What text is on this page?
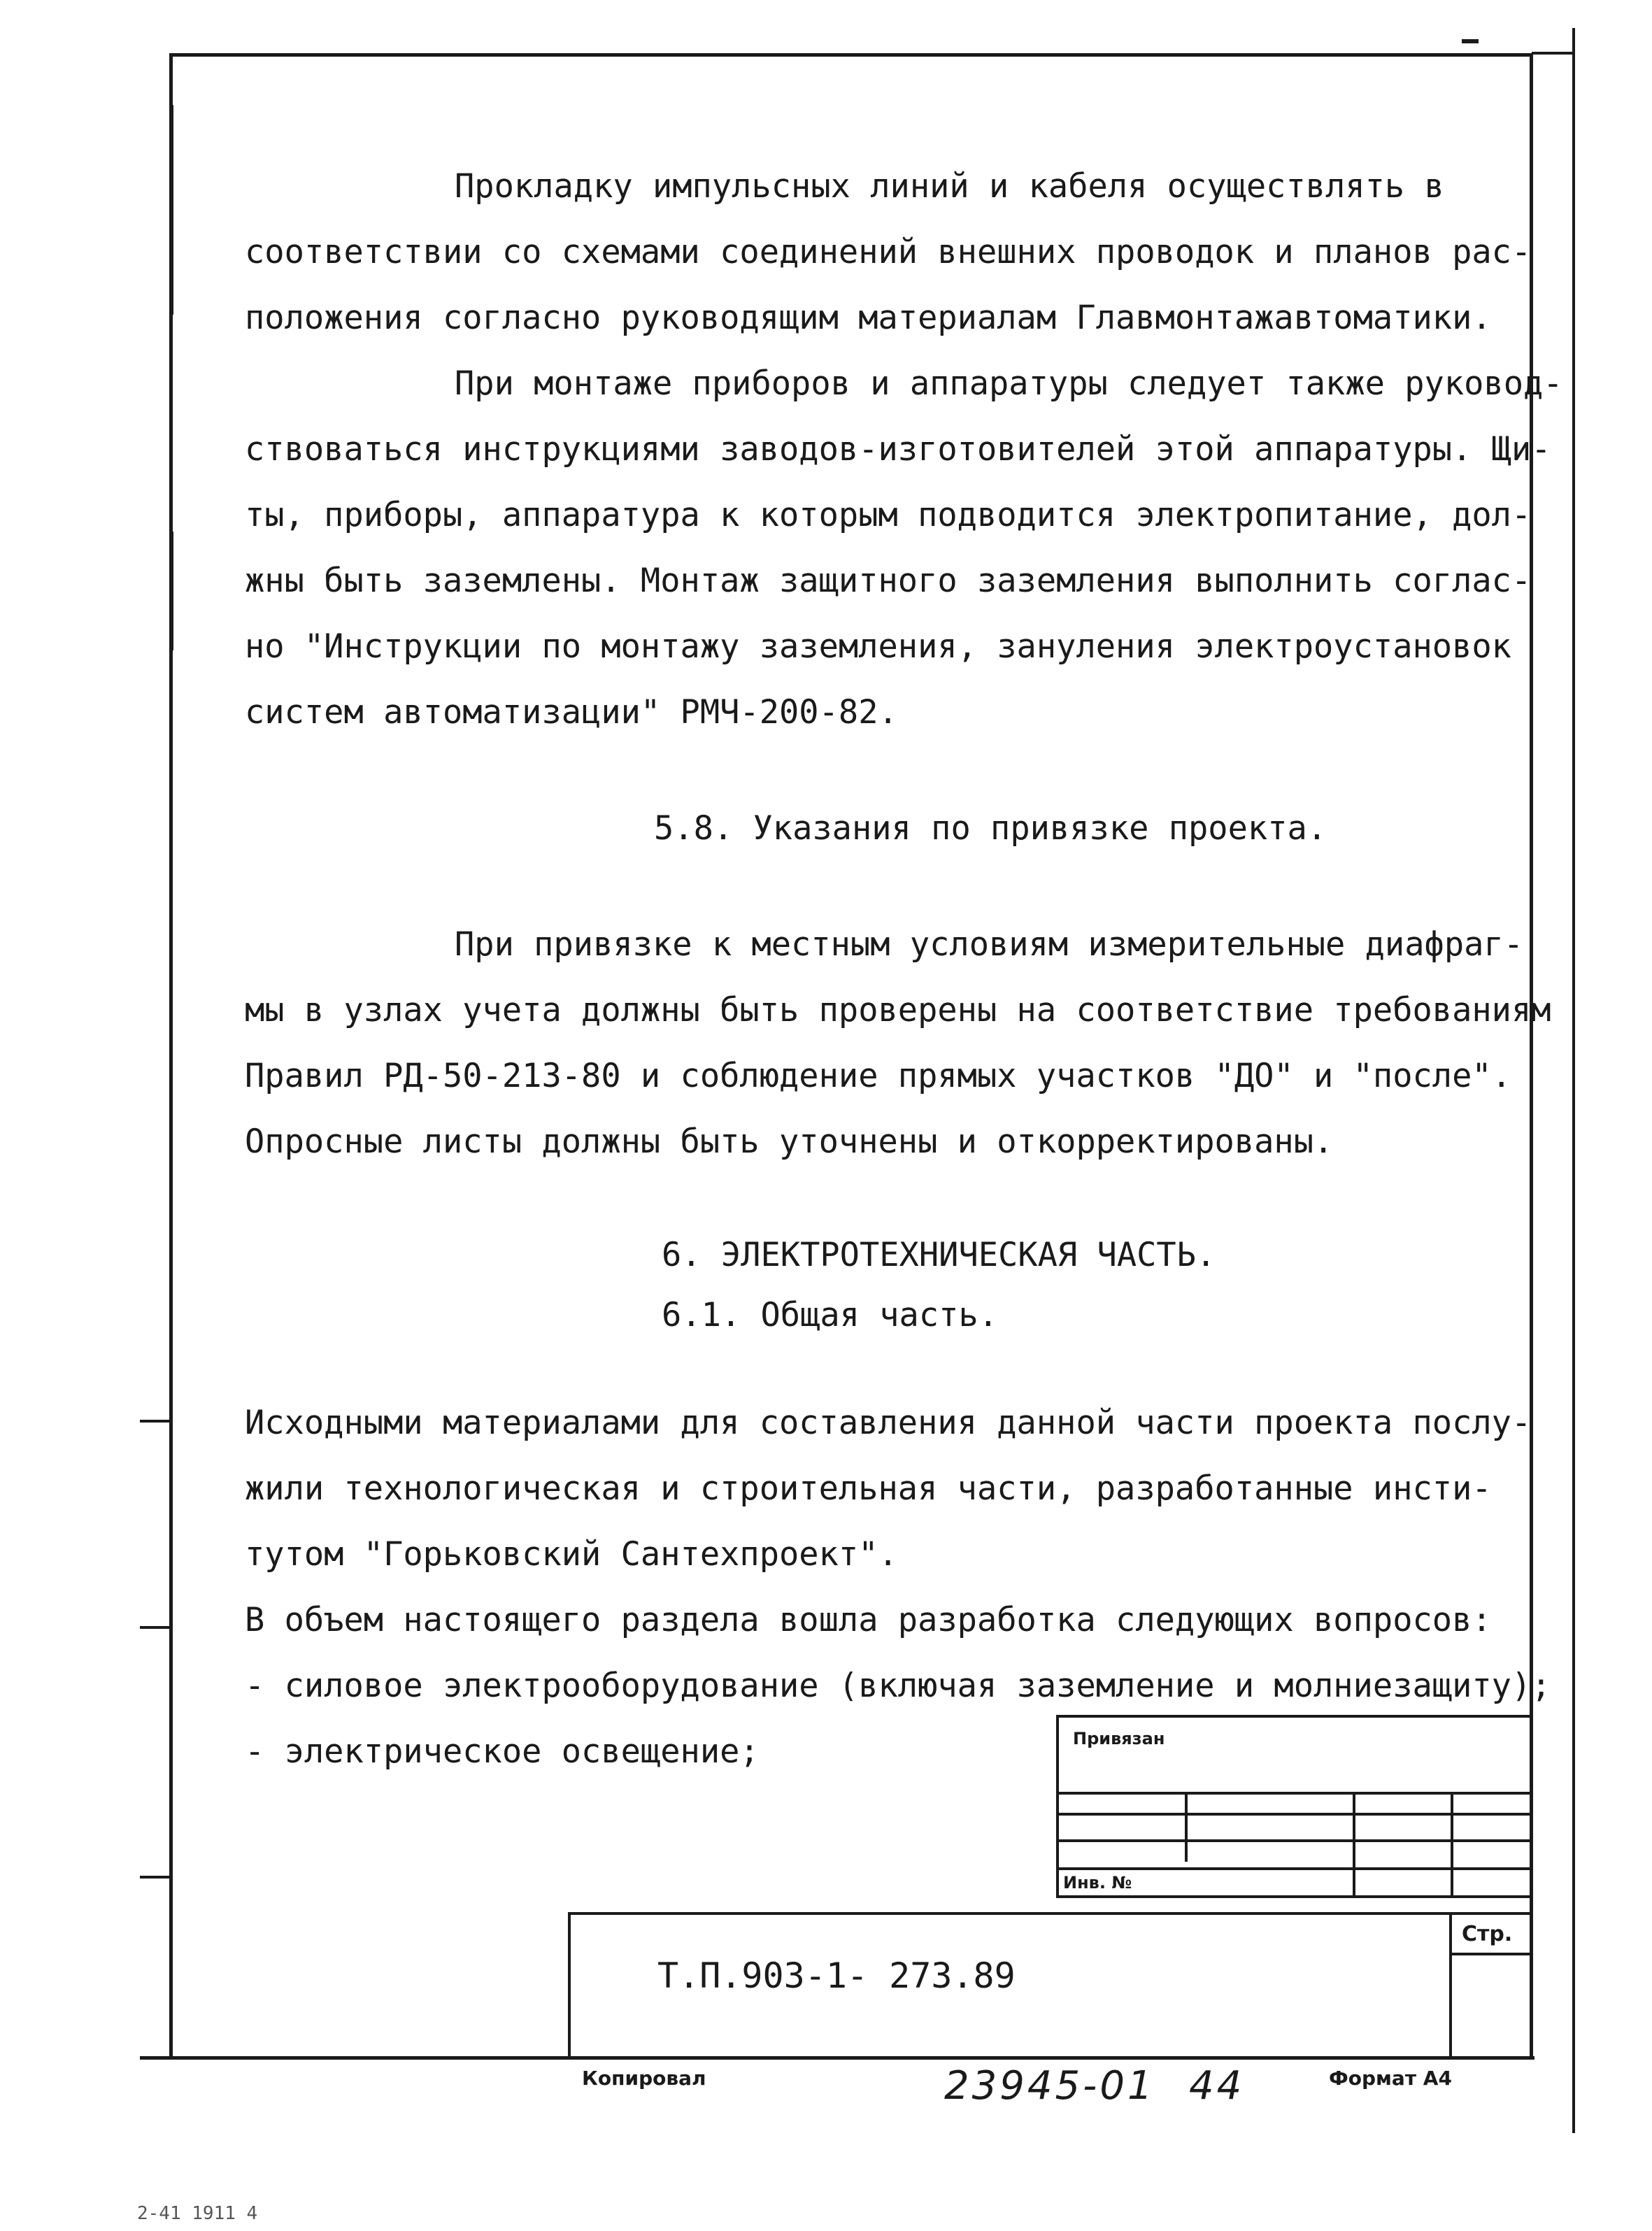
Прокладку импульсных линий и кабеля осуществлять в
соответствии со схемами соединений внешних проводок и планов рас-
положения согласно руководящим материалам Главмонтажавтоматики.
При монтаже приборов и аппаратуры следует также руковод-
ствоваться инструкциями заводов-изготовителей этой аппаратуры. Щи-
ты, приборы, аппаратура к которым подводится электропитание, дол-
жны быть заземлены. Монтаж защитного заземления выполнить соглас-
но "Инструкции по монтажу заземления, зануления электроустановок
систем автоматизации" РМЧ-200-82.
5.8. Указания по привязке проекта.
При привязке к местным условиям измерительные диафраг-
мы в узлах учета должны быть проверены на соответствие требованиям
Правил РД-50-213-80 и соблюдение прямых участков "ДО" и "после".
Опросные листы должны быть уточнены и откорректированы.
6. ЭЛЕКТРОТЕХНИЧЕСКАЯ ЧАСТЬ.
6.1. Общая часть.
Исходными материалами для составления данной части проекта послу-
жили технологическая и строительная части, разработанные инсти-
тутом "Горьковский Сантехпроект".
В объем настоящего раздела вошла разработка следующих вопросов:
- силовое электрооборудование (включая заземление и молниезащиту);
- электрическое освещение;	Привязан
Инв. №
Стр.
Т.П.903-1- 273.89
Копировал	23945-01 44	Формат А4
2-41 1911 4
